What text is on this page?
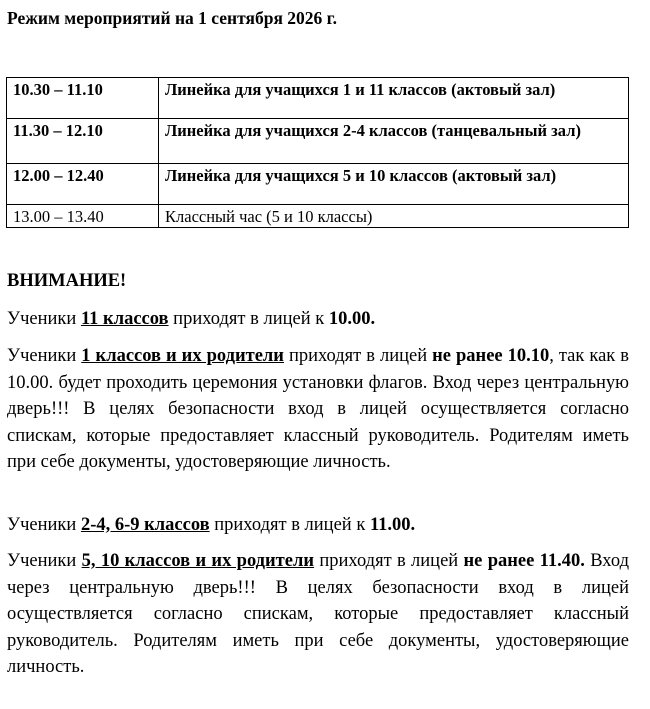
Режим мероприятий на 1 сентября 2026 г.
10.30 – 11.10	Линейка для учащихся 1 и 11 классов (актовый зал)
11.30 – 12.10	Линейка для учащихся 2-4 классов (танцевальный зал)
12.00 – 12.40	Линейка для учащихся 5 и 10 классов (актовый зал)
13.00 – 13.40	Классный час (5 и 10 классы)

ВНИМАНИЕ!

Ученики 11 классов приходят в лицей к 10.00.

Ученики 1 классов и их родители приходят в лицей не ранее 10.10, так как в 10.00. будет проходить церемония установки флагов. Вход через центральную дверь!!! В целях безопасности вход в лицей осуществляется согласно спискам, которые предоставляет классный руководитель. Родителям иметь при себе документы, удостоверяющие личность.

Ученики 2-4, 6-9 классов приходят в лицей к 11.00.

Ученики 5, 10 классов и их родители приходят в лицей не ранее 11.40. Вход через центральную дверь!!! В целях безопасности вход в лицей осуществляется согласно спискам, которые предоставляет классный руководитель. Родителям иметь при себе документы, удостоверяющие личность.
